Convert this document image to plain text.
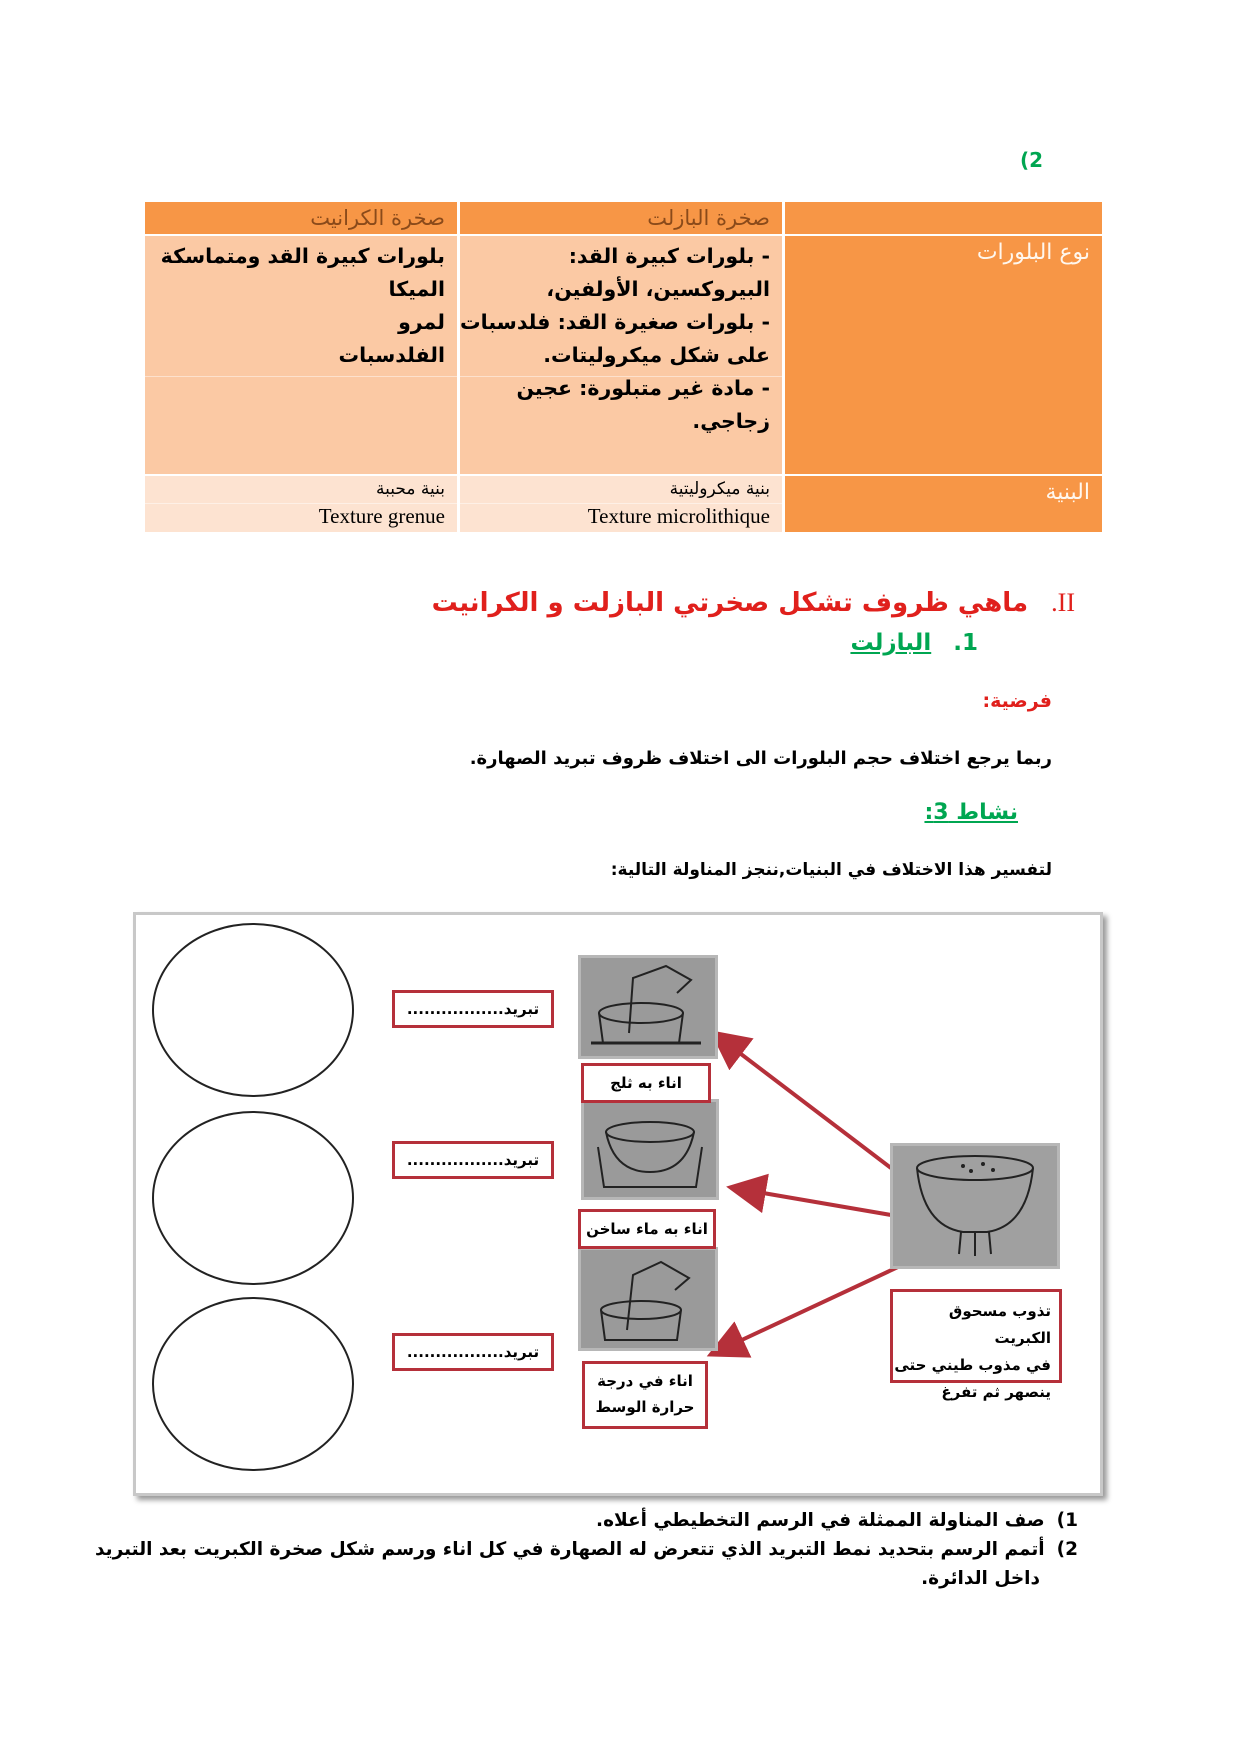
(2
صخرة البازلت
صخرة الكرانيت
نوع البلورات
- بلورات كبيرة القد:
البيروكسين، الأولفين،
- بلورات صغيرة القد: فلدسبات
على شكل ميكروليتات.
- مادة غير متبلورة: عجين
زجاجي.
بلورات كبيرة القد ومتماسكة
الميكا
لمرو
الفلدسبات
البنية
بنية ميكروليتية
Texture microlithique
بنية محببة
Texture grenue
II. ماهي ظروف تشكل صخرتي البازلت و الكرانيت
1. البازلت
فرضية:
ربما يرجع اختلاف حجم البلورات الى اختلاف ظروف تبريد الصهارة.
نشاط 3:
لتفسير هذا الاختلاف في البنيات,ننجز المناولة التالية:
تبريد.................
تبريد.................
تبريد.................
اناء به ثلج
اناء به ماء ساخن
اناء في درجة
حرارة الوسط
تذوب مسحوق الكبريت
في مذوب طيني حتى
ينصهر ثم تفرغ
1)صف المناولة الممثلة في الرسم التخطيطي أعلاه.
2)أتمم الرسم بتحديد نمط التبريد الذي تتعرض له الصهارة في كل اناء ورسم شكل صخرة الكبريت بعد التبريد
داخل الدائرة.
